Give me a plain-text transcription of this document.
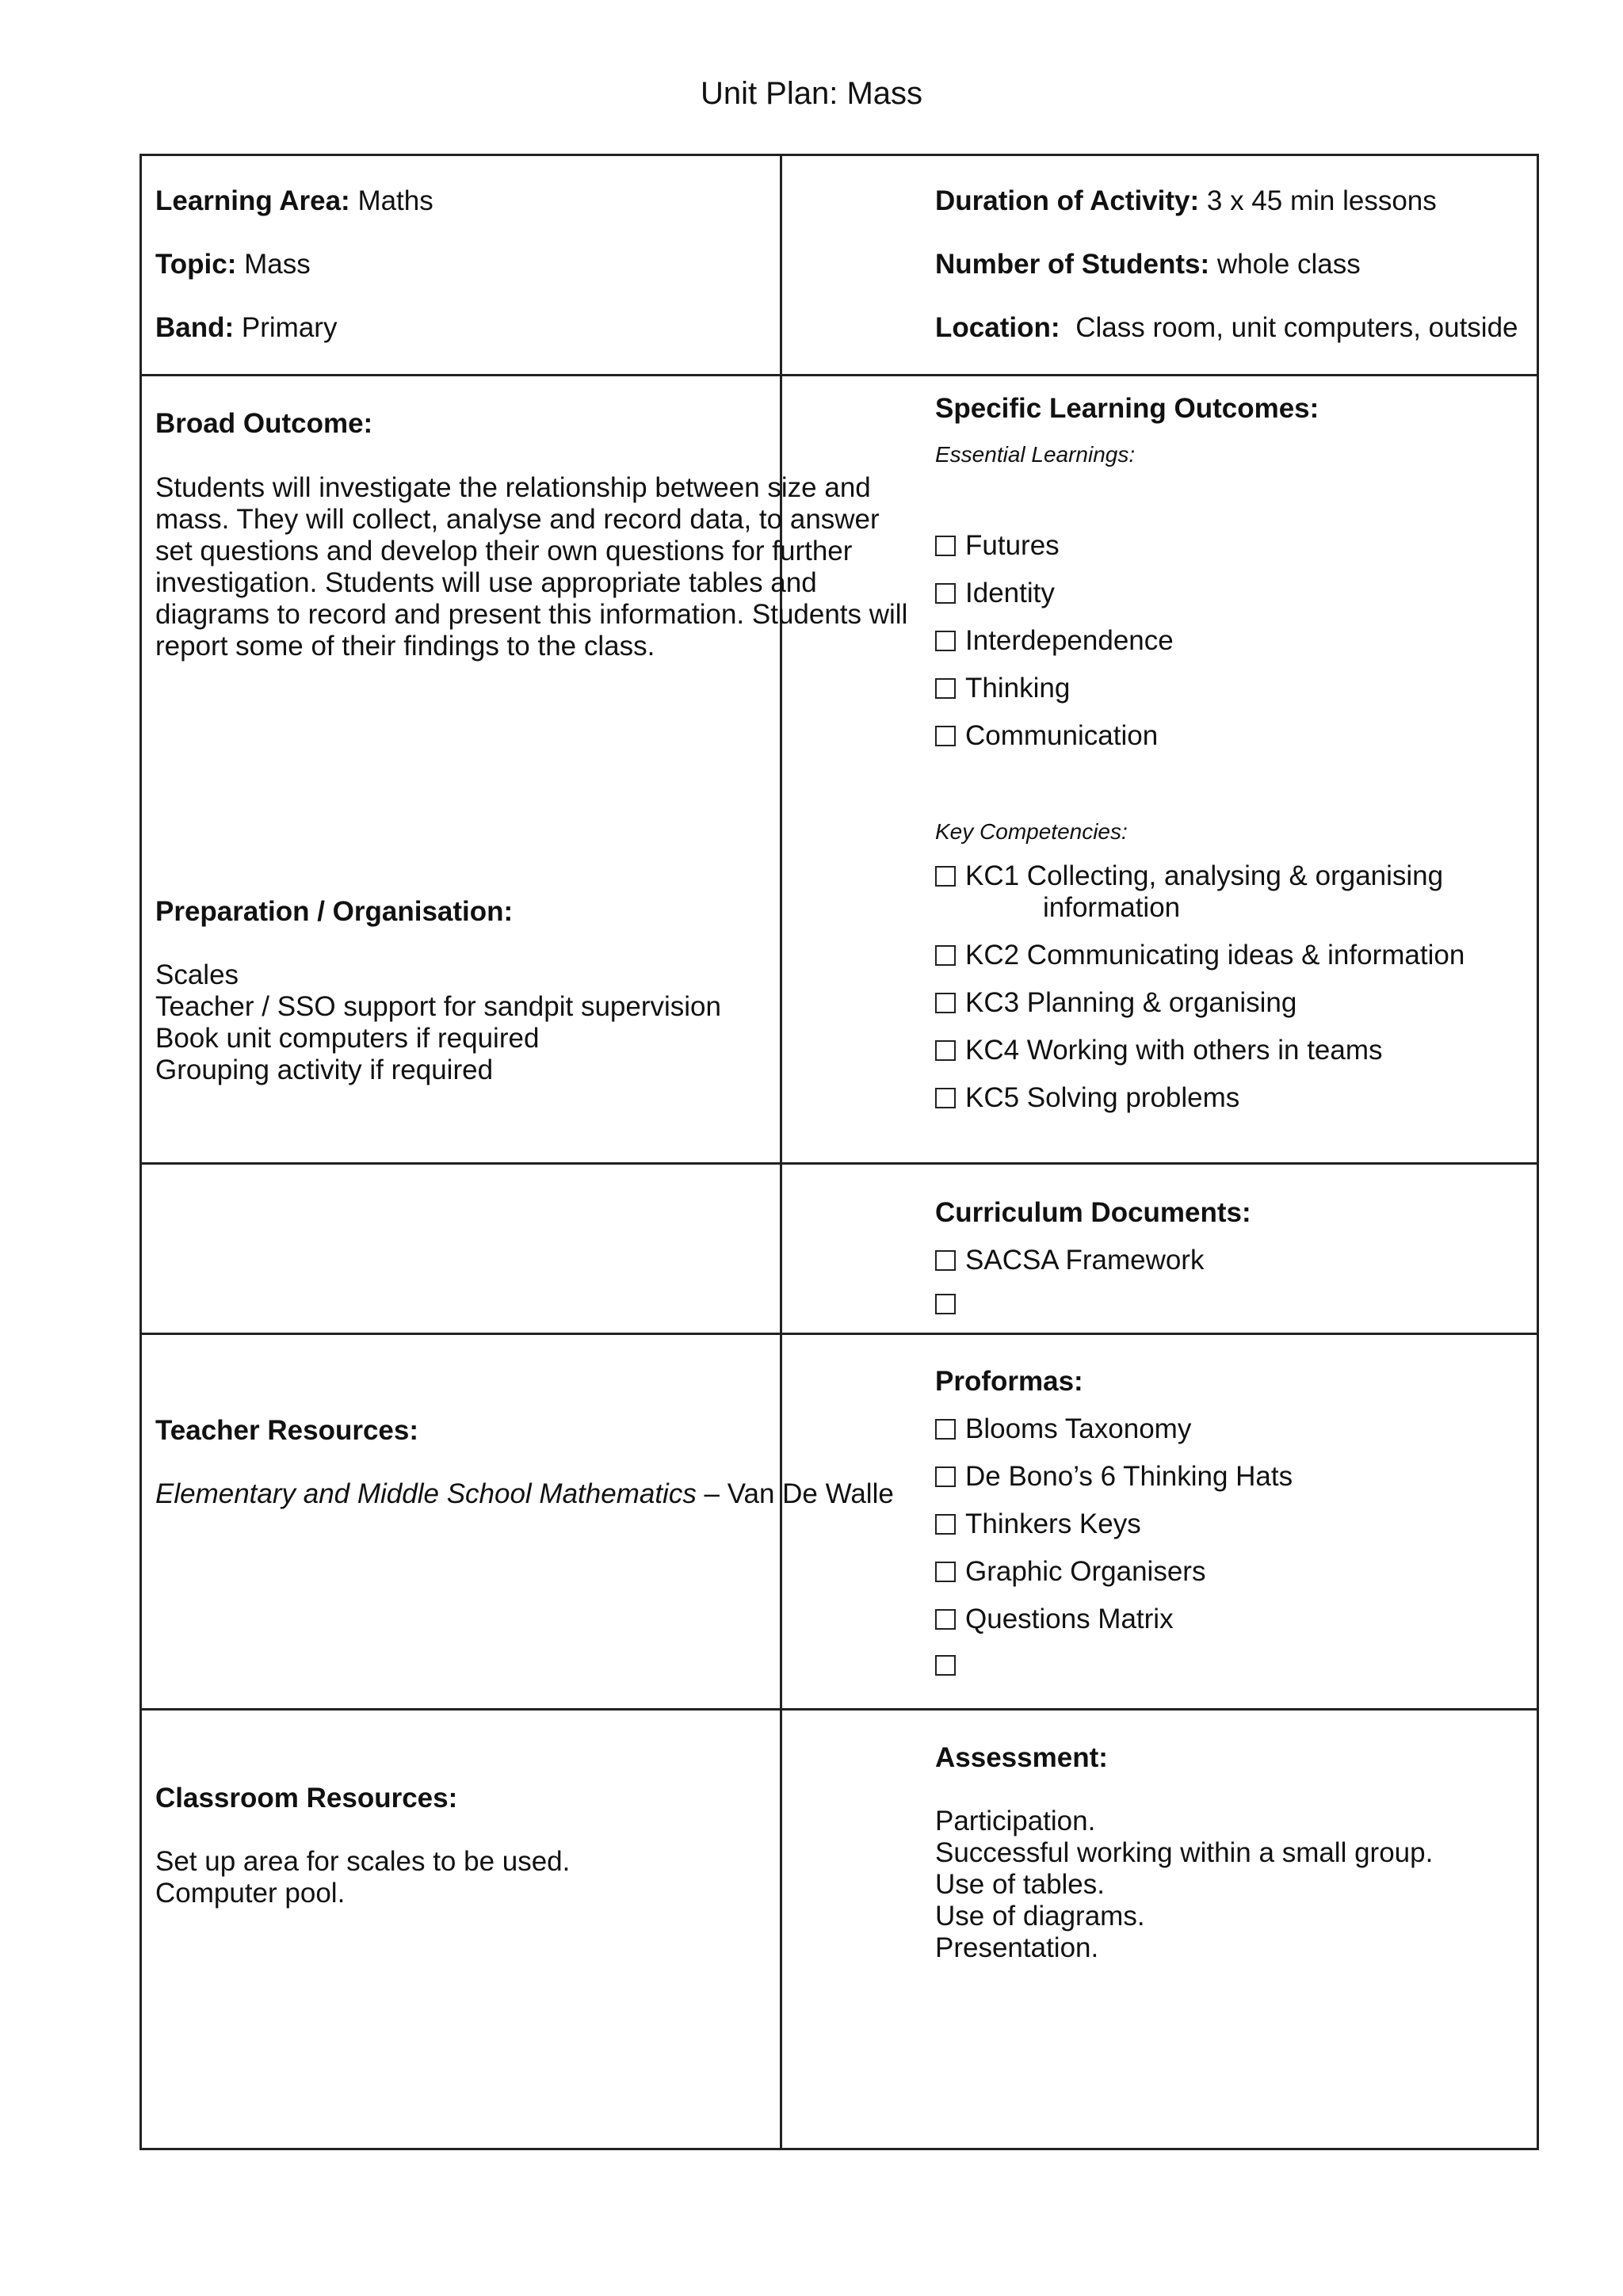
Unit Plan: Mass
Learning Area: Maths
Topic: Mass
Band: Primary
Duration of Activity: 3 x 45 min lessons
Number of Students: whole class
Location: Class room, unit computers, outside
Broad Outcome:
Students will investigate the relationship between size and
mass. They will collect, analyse and record data, to answer
set questions and develop their own questions for further
investigation. Students will use appropriate tables and
diagrams to record and present this information. Students will
report some of their findings to the class.
Preparation / Organisation:
Scales
Teacher / SSO support for sandpit supervision
Book unit computers if required
Grouping activity if required
Specific Learning Outcomes:
Essential Learnings:
Futures
Identity
Interdependence
Thinking
Communication
Key Competencies:
KC1 Collecting, analysing & organising
information
KC2 Communicating ideas & information
KC3 Planning & organising
KC4 Working with others in teams
KC5 Solving problems
Curriculum Documents:
SACSA Framework
Teacher Resources:
Elementary and Middle School Mathematics – Van De Walle
Proformas:
Blooms Taxonomy
De Bono’s 6 Thinking Hats
Thinkers Keys
Graphic Organisers
Questions Matrix
Classroom Resources:
Set up area for scales to be used.
Computer pool.
Assessment:
Participation.
Successful working within a small group.
Use of tables.
Use of diagrams.
Presentation.
